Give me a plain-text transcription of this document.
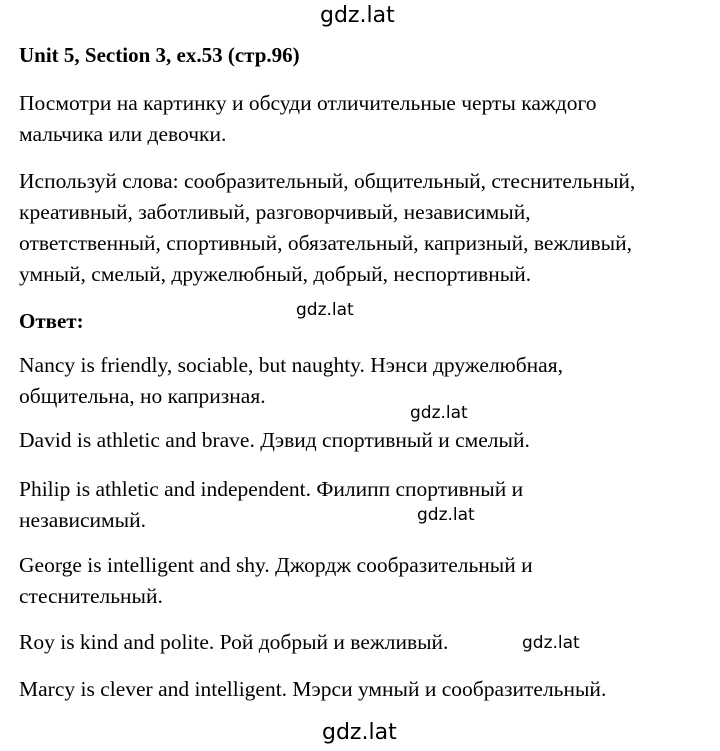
gdz.lat
Unit 5, Section 3, ex.53 (стр.96)
Посмотри на картинку и обсуди отличительные черты каждого
мальчика или девочки.
Используй слова: сообразительный, общительный, стеснительный,
креативный, заботливый, разговорчивый, независимый,
ответственный, спортивный, обязательный, капризный, вежливый,
умный, смелый, дружелюбный, добрый, неспортивный.
Ответ:	gdz.lat
Nancy is friendly, sociable, but naughty. Нэнси дружелюбная,
общительна, но капризная.
gdz.lat
David is athletic and brave. Дэвид спортивный и смелый.
Philip is athletic and independent. Филипп спортивный и
независимый.	gdz.lat
George is intelligent and shy. Джордж сообразительный и
стеснительный.
Roy is kind and polite. Рой добрый и вежливый.	gdz.lat
Marcy is clever and intelligent. Мэрси умный и сообразительный.
gdz.lat
